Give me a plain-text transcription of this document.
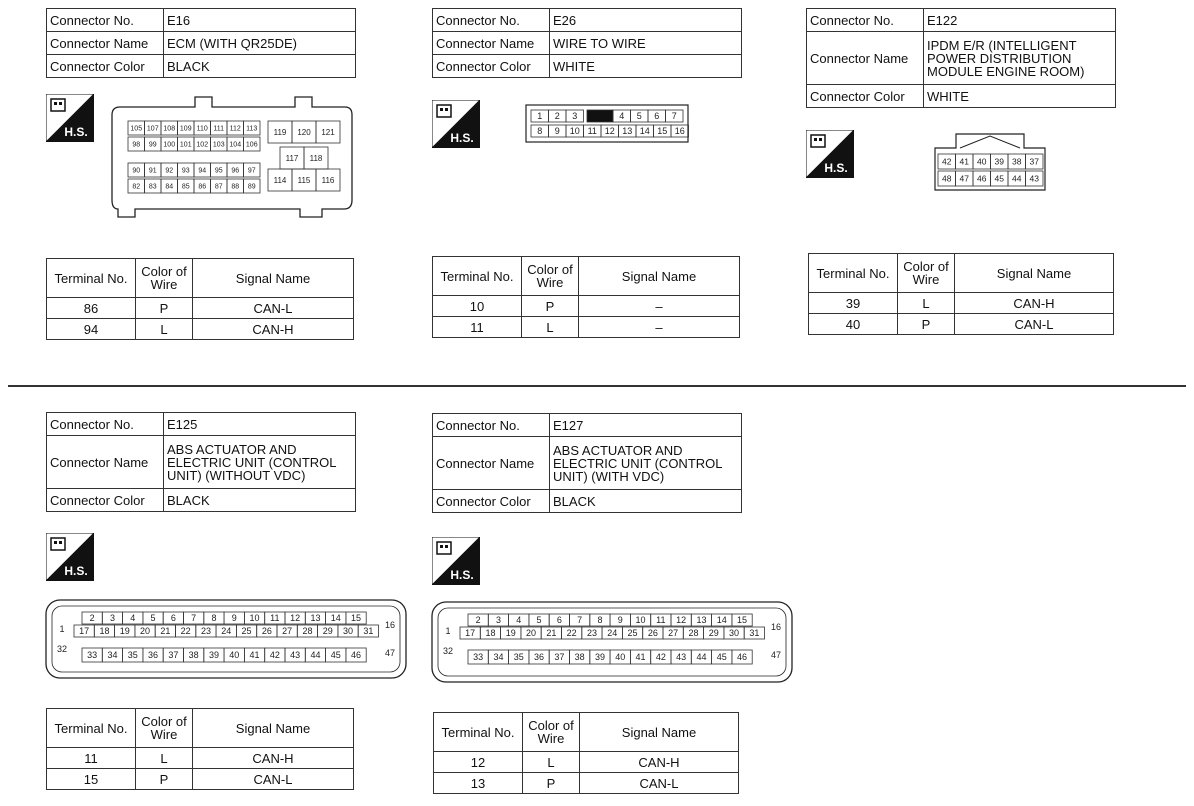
Connector No.	E16
Connector Name	ECM (WITH QR25DE)
Connector Color	BLACK
H.S.	105 107 108 109 110 111 112 113
98 99 100 101 102 103 104 106
90 91 92 93 94 95 96 97
82 83 84 85 86 87 88 89
119 120 121
117 118
114 115 116
Terminal No.	Color of Wire	Signal Name
86	P	CAN-L
94	L	CAN-H
Connector No.	E26
Connector Name	WIRE TO WIRE
Connector Color	WHITE
H.S.
1 2 3	4 5 6 7
8 9 10 11 12 13 14 15 16
Terminal No.	Color of Wire	Signal Name
10	P	–
11	L	–
Connector No.	E122
Connector Name	IPDM E/R (INTELLIGENT POWER DISTRIBUTION MODULE ENGINE ROOM)
Connector Color	WHITE
H.S.	42 41 40 39 38 37
48 47 46 45 44 43
Terminal No.	Color of Wire	Signal Name
39	L	CAN-H
40	P	CAN-L
Connector No.	E125
Connector Name	ABS ACTUATOR AND ELECTRIC UNIT (CONTROL UNIT) (WITHOUT VDC)
Connector Color	BLACK
H.S.
1	16
32	47
2 3 4 5 6 7 8 9 10 11 12 13 14 15
17 18 19 20 21 22 23 24 25 26 27 28 29 30 31
33 34 35 36 37 38 39 40 41 42 43 44 45 46
Terminal No.	Color of Wire	Signal Name
11	L	CAN-H
15	P	CAN-L
Connector No.	E127
Connector Name	ABS ACTUATOR AND ELECTRIC UNIT (CONTROL UNIT) (WITH VDC)
Connector Color	BLACK
H.S.
1	16
32	47
2 3 4 5 6 7 8 9 10 11 12 13 14 15
17 18 19 20 21 22 23 24 25 26 27 28 29 30 31
33 34 35 36 37 38 39 40 41 42 43 44 45 46
Terminal No.	Color of Wire	Signal Name
12	L	CAN-H
13	P	CAN-L
